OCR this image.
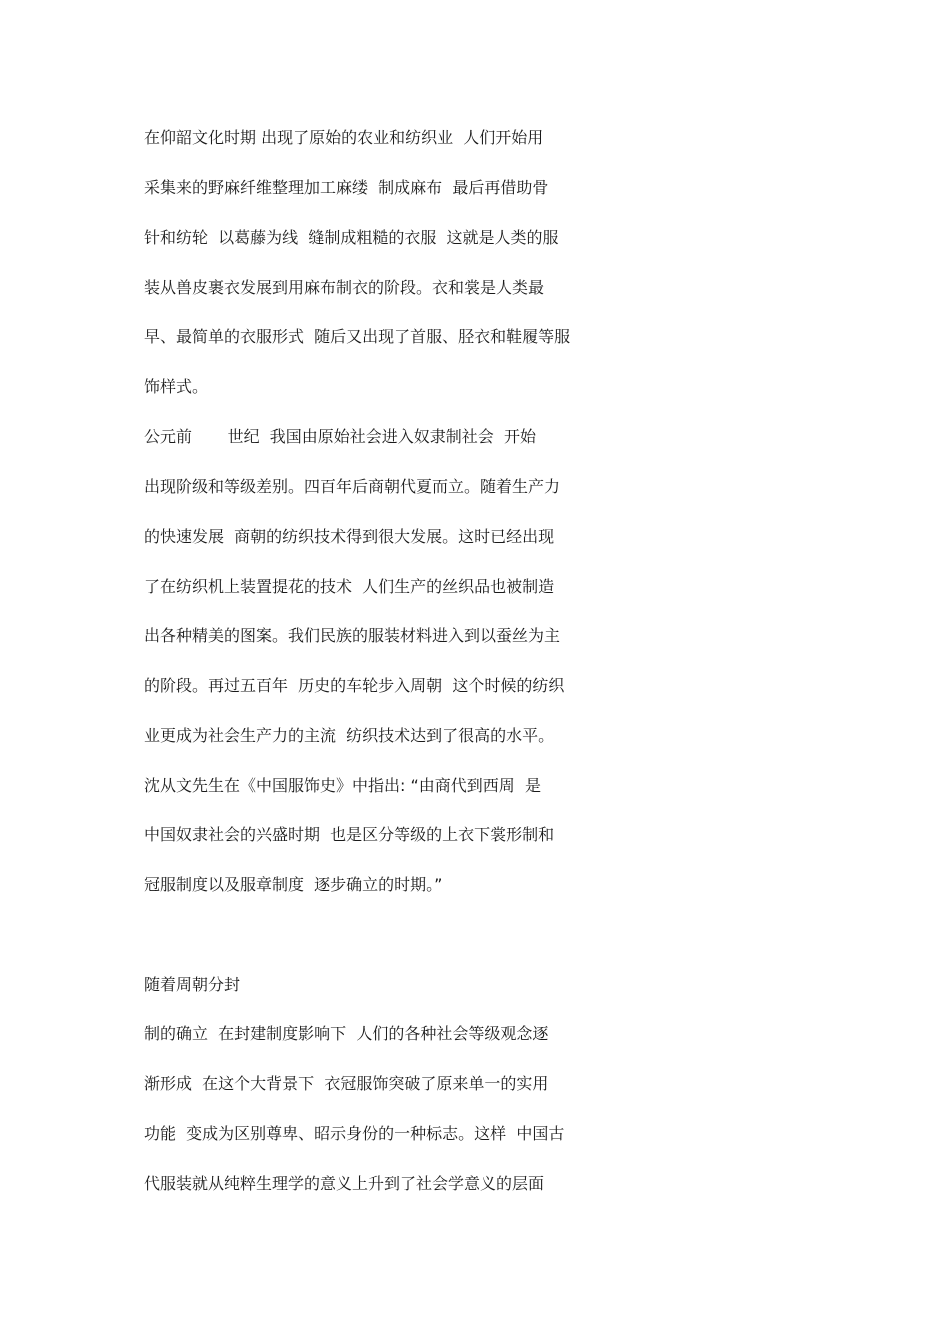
在仰韶文化时期 出现了原始的农业和纺织业  人们开始用
采集来的野麻纤维整理加工麻缕  制成麻布  最后再借助骨
针和纺轮  以葛藤为线  缝制成粗糙的衣服  这就是人类的服
装从兽皮裹衣发展到用麻布制衣的阶段。衣和裳是人类最
早、最简单的衣服形式  随后又出现了首服、胫衣和鞋履等服
饰样式。
公元前       世纪  我国由原始社会进入奴隶制社会  开始
出现阶级和等级差别。四百年后商朝代夏而立。随着生产力
的快速发展  商朝的纺织技术得到很大发展。这时已经出现
了在纺织机上装置提花的技术  人们生产的丝织品也被制造
出各种精美的图案。我们民族的服装材料进入到以蚕丝为主
的阶段。再过五百年  历史的车轮步入周朝  这个时候的纺织
业更成为社会生产力的主流  纺织技术达到了很高的水平。
沈从文先生在《中国服饰史》中指出: “由商代到西周  是
中国奴隶社会的兴盛时期  也是区分等级的上衣下裳形制和
冠服制度以及服章制度  逐步确立的时期。”
随着周朝分封
制的确立  在封建制度影响下  人们的各种社会等级观念逐
渐形成  在这个大背景下  衣冠服饰突破了原来单一的实用
功能  变成为区别尊卑、昭示身份的一种标志。这样  中国古
代服装就从纯粹生理学的意义上升到了社会学意义的层面
